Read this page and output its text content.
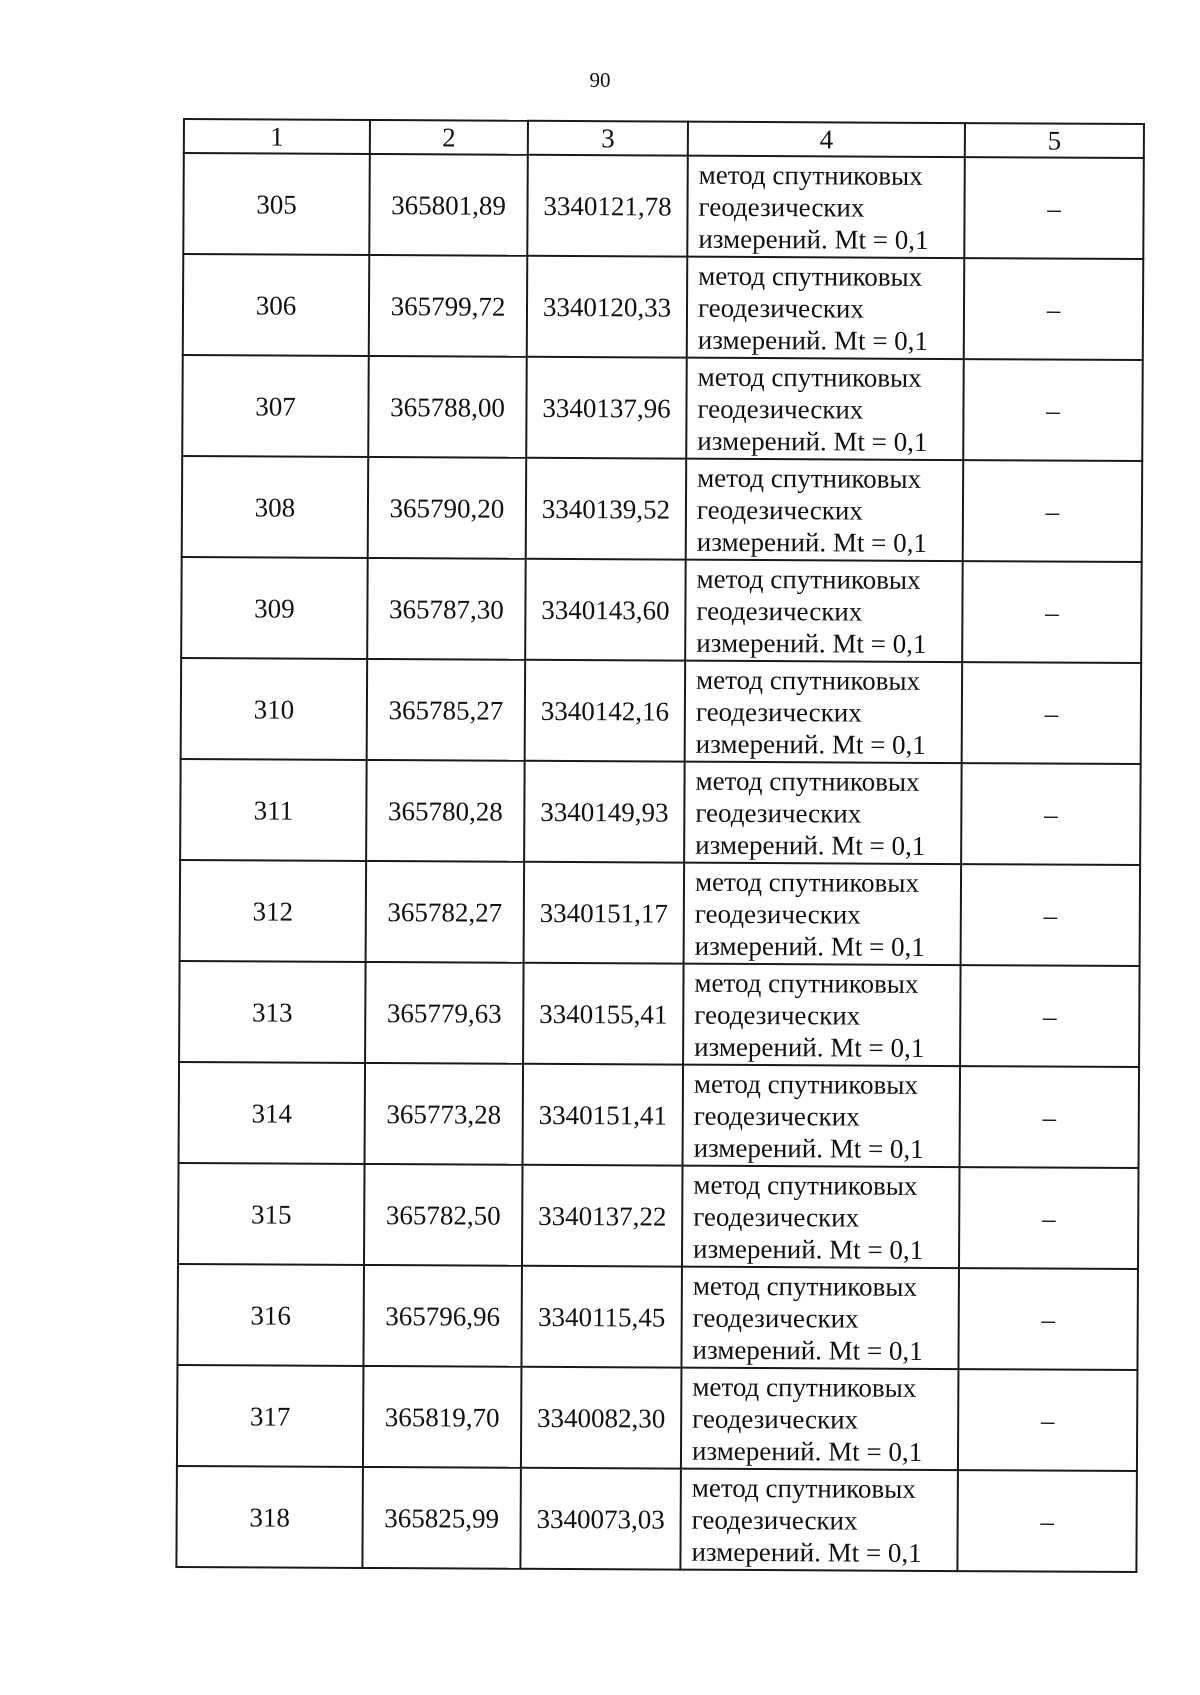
90
1	2	3	4	5
305	365801,89	3340121,78	метод спутниковых
геодезических
измерений. Mt = 0,1	–
306	365799,72	3340120,33	метод спутниковых
геодезических
измерений. Mt = 0,1	–
307	365788,00	3340137,96	метод спутниковых
геодезических
измерений. Mt = 0,1	–
308	365790,20	3340139,52	метод спутниковых
геодезических
измерений. Mt = 0,1	–
309	365787,30	3340143,60	метод спутниковых
геодезических
измерений. Mt = 0,1	–
310	365785,27	3340142,16	метод спутниковых
геодезических
измерений. Mt = 0,1	–
311	365780,28	3340149,93	метод спутниковых
геодезических
измерений. Mt = 0,1	–
312	365782,27	3340151,17	метод спутниковых
геодезических
измерений. Mt = 0,1	–
313	365779,63	3340155,41	метод спутниковых
геодезических
измерений. Mt = 0,1	–
314	365773,28	3340151,41	метод спутниковых
геодезических
измерений. Mt = 0,1	–
315	365782,50	3340137,22	метод спутниковых
геодезических
измерений. Mt = 0,1	–
316	365796,96	3340115,45	метод спутниковых
геодезических
измерений. Mt = 0,1	–
317	365819,70	3340082,30	метод спутниковых
геодезических
измерений. Mt = 0,1	–
318	365825,99	3340073,03	метод спутниковых
геодезических
измерений. Mt = 0,1	–
